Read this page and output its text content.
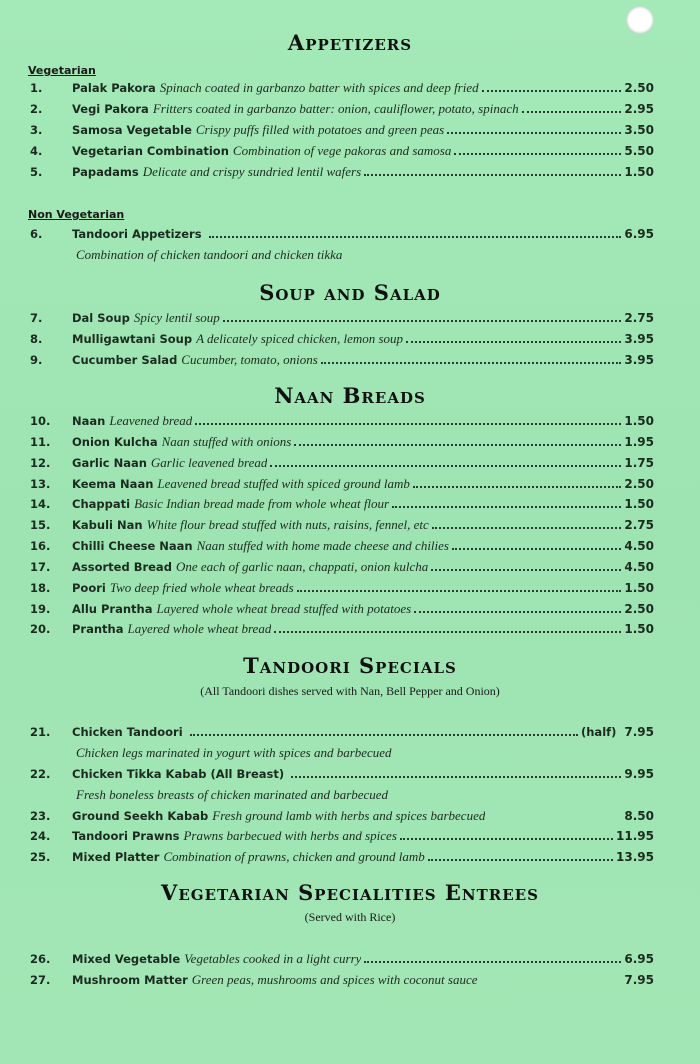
Appetizers
Vegetarian
Non Vegetarian
1.	Palak Pakora Spinach coated in garbanzo batter with spices and deep fried	2.50
2.	Vegi Pakora Fritters coated in garbanzo batter: onion, cauliflower, potato, spinach	2.95
3.	Samosa Vegetable Crispy puffs filled with potatoes and green peas	3.50
4.	Vegetarian Combination Combination of vege pakoras and samosa	5.50
5.	Papadams Delicate and crispy sundried lentil wafers	1.50
6.	Tandoori Appetizers	6.95
Combination of chicken tandoori and chicken tikka
Soup and Salad
7.	Dal Soup Spicy lentil soup	2.75
8.	Mulligawtani Soup A delicately spiced chicken, lemon soup	3.95
9.	Cucumber Salad Cucumber, tomato, onions	3.95
Naan Breads
10.	Naan Leavened bread	1.50
11.	Onion Kulcha Naan stuffed with onions	1.95
12.	Garlic Naan Garlic leavened bread	1.75
13.	Keema Naan Leavened bread stuffed with spiced ground lamb	2.50
14.	Chappati Basic Indian bread made from whole wheat flour	1.50
15.	Kabuli Nan White flour bread stuffed with nuts, raisins, fennel, etc	2.75
16.	Chilli Cheese Naan Naan stuffed with home made cheese and chilies	4.50
17.	Assorted Bread One each of garlic naan, chappati, onion kulcha	4.50
18.	Poori Two deep fried whole wheat breads	1.50
19.	Allu Prantha Layered whole wheat bread stuffed with potatoes	2.50
20.	Prantha Layered whole wheat bread	1.50
Tandoori Specials
(All Tandoori dishes served with Nan, Bell Pepper and Onion)
21.	Chicken Tandoori	(half) 7.95
Chicken legs marinated in yogurt with spices and barbecued
22.	Chicken Tikka Kabab (All Breast)	9.95
Fresh boneless breasts of chicken marinated and barbecued
23.	Ground Seekh Kabab Fresh ground lamb with herbs and spices barbecued	8.50
24.	Tandoori Prawns Prawns barbecued with herbs and spices	11.95
25.	Mixed Platter Combination of prawns, chicken and ground lamb	13.95
Vegetarian Specialities Entrees
(Served with Rice)
26.	Mixed Vegetable Vegetables cooked in a light curry	6.95
27.	Mushroom Matter Green peas, mushrooms and spices with coconut sauce	7.95
